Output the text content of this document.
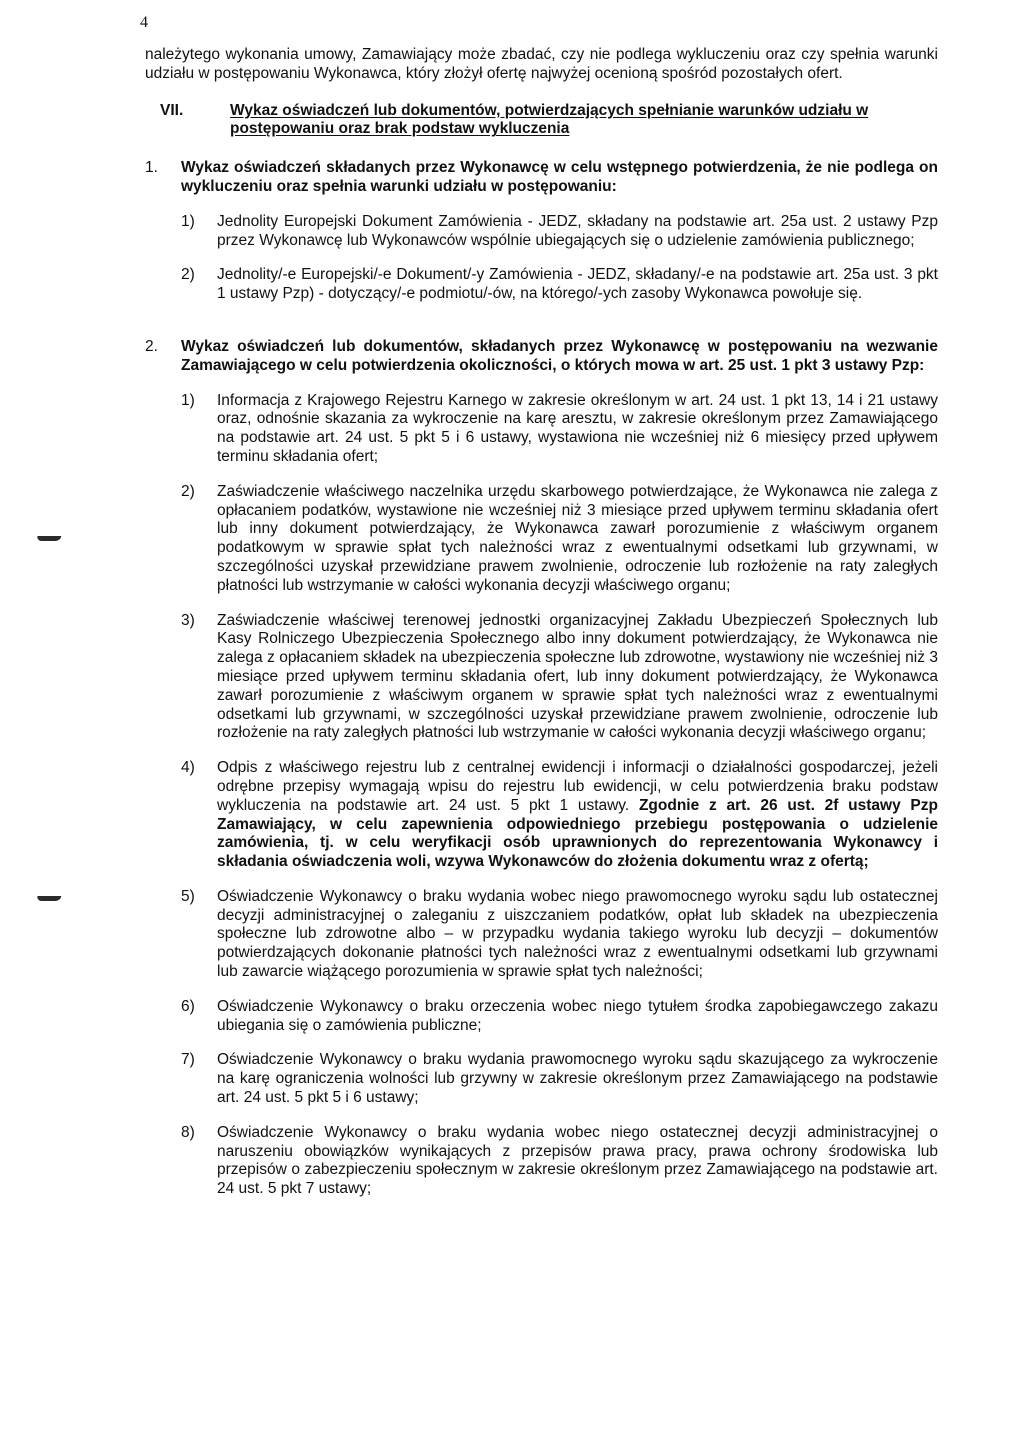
4

należytego wykonania umowy, Zamawiający może zbadać, czy nie podlega wykluczeniu oraz czy spełnia warunki udziału w postępowaniu Wykonawca, który złożył ofertę najwyżej ocenioną spośród pozostałych ofert.

VII.	Wykaz oświadczeń lub dokumentów, potwierdzających spełnianie warunków udziału w postępowaniu oraz brak podstaw wykluczenia
1.	Wykaz oświadczeń składanych przez Wykonawcę w celu wstępnego potwierdzenia, że nie podlega on wykluczeniu oraz spełnia warunki udziału w postępowaniu:

1)	Jednolity Europejski Dokument Zamówienia - JEDZ, składany na podstawie art. 25a ust. 2 ustawy Pzp przez Wykonawcę lub Wykonawców wspólnie ubiegających się o udzielenie zamówienia publicznego;
2)	Jednolity/-e Europejski/-e Dokument/-y Zamówienia - JEDZ, składany/-e na podstawie art. 25a ust. 3 pkt 1 ustawy Pzp) - dotyczący/-e podmiotu/-ów, na którego/-ych zasoby Wykonawca powołuje się.
2.	Wykaz oświadczeń lub dokumentów, składanych przez Wykonawcę w postępowaniu na wezwanie Zamawiającego w celu potwierdzenia okoliczności, o których mowa w art. 25 ust. 1 pkt 3 ustawy Pzp:

1)	Informacja z Krajowego Rejestru Karnego w zakresie określonym w art. 24 ust. 1 pkt 13, 14 i 21 ustawy oraz, odnośnie skazania za wykroczenie na karę aresztu, w zakresie określonym przez Zamawiającego na podstawie art. 24 ust. 5 pkt 5 i 6 ustawy, wystawiona nie wcześniej niż 6 miesięcy przed upływem terminu składania ofert;
2)	Zaświadczenie właściwego naczelnika urzędu skarbowego potwierdzające, że Wykonawca nie zalega z opłacaniem podatków, wystawione nie wcześniej niż 3 miesiące przed upływem terminu składania ofert lub inny dokument potwierdzający, że Wykonawca zawarł porozumienie z właściwym organem podatkowym w sprawie spłat tych należności wraz z ewentualnymi odsetkami lub grzywnami, w szczególności uzyskał przewidziane prawem zwolnienie, odroczenie lub rozłożenie na raty zaległych płatności lub wstrzymanie w całości wykonania decyzji właściwego organu;
3)	Zaświadczenie właściwej terenowej jednostki organizacyjnej Zakładu Ubezpieczeń Społecznych lub Kasy Rolniczego Ubezpieczenia Społecznego albo inny dokument potwierdzający, że Wykonawca nie zalega z opłacaniem składek na ubezpieczenia społeczne lub zdrowotne, wystawiony nie wcześniej niż 3 miesiące przed upływem terminu składania ofert, lub inny dokument potwierdzający, że Wykonawca zawarł porozumienie z właściwym organem w sprawie spłat tych należności wraz z ewentualnymi odsetkami lub grzywnami, w szczególności uzyskał przewidziane prawem zwolnienie, odroczenie lub rozłożenie na raty zaległych płatności lub wstrzymanie w całości wykonania decyzji właściwego organu;
4)	Odpis z właściwego rejestru lub z centralnej ewidencji i informacji o działalności gospodarczej, jeżeli odrębne przepisy wymagają wpisu do rejestru lub ewidencji, w celu potwierdzenia braku podstaw wykluczenia na podstawie art. 24 ust. 5 pkt 1 ustawy. Zgodnie z art. 26 ust. 2f ustawy Pzp Zamawiający, w celu zapewnienia odpowiedniego przebiegu postępowania o udzielenie zamówienia, tj. w celu weryfikacji osób uprawnionych do reprezentowania Wykonawcy i składania oświadczenia woli, wzywa Wykonawców do złożenia dokumentu wraz z ofertą;
5)	Oświadczenie Wykonawcy o braku wydania wobec niego prawomocnego wyroku sądu lub ostatecznej decyzji administracyjnej o zaleganiu z uiszczaniem podatków, opłat lub składek na ubezpieczenia społeczne lub zdrowotne albo – w przypadku wydania takiego wyroku lub decyzji – dokumentów potwierdzających dokonanie płatności tych należności wraz z ewentualnymi odsetkami lub grzywnami lub zawarcie wiążącego porozumienia w sprawie spłat tych należności;
6)	Oświadczenie Wykonawcy o braku orzeczenia wobec niego tytułem środka zapobiegawczego zakazu ubiegania się o zamówienia publiczne;
7)	Oświadczenie Wykonawcy o braku wydania prawomocnego wyroku sądu skazującego za wykroczenie na karę ograniczenia wolności lub grzywny w zakresie określonym przez Zamawiającego na podstawie art. 24 ust. 5 pkt 5 i 6 ustawy;
8)	Oświadczenie Wykonawcy o braku wydania wobec niego ostatecznej decyzji administracyjnej o naruszeniu obowiązków wynikających z przepisów prawa pracy, prawa ochrony środowiska lub przepisów o zabezpieczeniu społecznym w zakresie określonym przez Zamawiającego na podstawie art. 24 ust. 5 pkt 7 ustawy;
